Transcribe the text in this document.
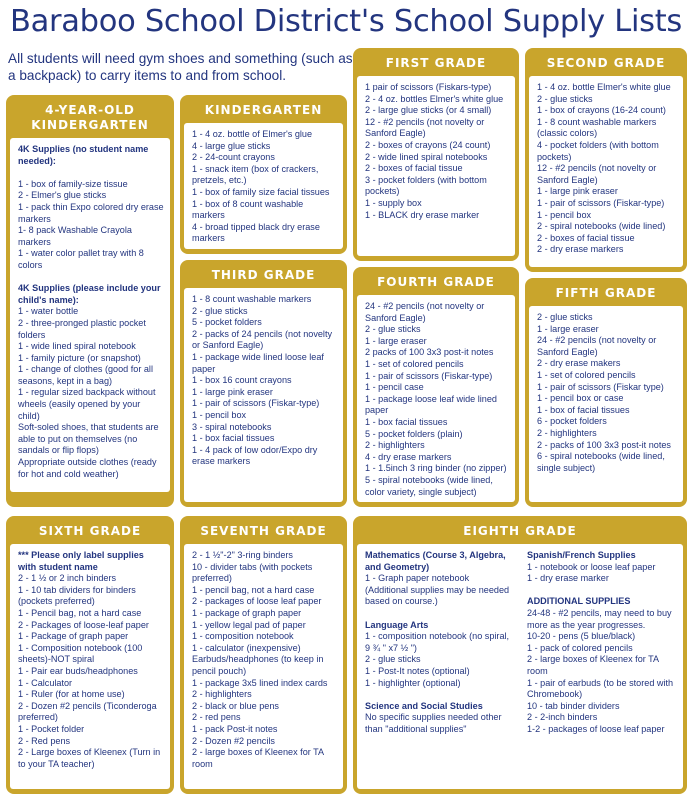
Baraboo School District's School Supply Lists
All students will need gym shoes and something (such as a backpack) to carry items to and from school.
4-YEAR-OLD KINDERGARTEN
4K Supplies (no student name needed):
1 - box of family-size tissue
2 - Elmer's glue sticks
1 - pack thin Expo colored dry erase markers
1- 8 pack Washable Crayola markers
1 - water color pallet tray with 8 colors
4K Supplies (please include your child's name):
1 - water bottle
2 - three-pronged plastic pocket folders
1 - wide lined spiral notebook
1 - family picture (or snapshot)
1 - change of clothes (good for all seasons, kept in a bag)
1 - regular sized backpack without wheels (easily opened by your child)
Soft-soled shoes, that students are able to put on themselves (no sandals or flip flops)
Appropriate outside clothes (ready for hot and cold weather)
KINDERGARTEN
1 - 4 oz. bottle of Elmer's glue
4 - large glue sticks
2 - 24-count crayons
1 - snack item (box of crackers, pretzels, etc.)
1 - box of family size facial tissues
1 - box of 8 count washable markers
4 - broad tipped black dry erase markers
FIRST GRADE
1 pair of scissors (Fiskars-type)
2 - 4 oz. bottles Elmer's white glue
2 - large glue sticks (or 4 small)
12 - #2 pencils (not novelty or Sanford Eagle)
2 - boxes of crayons (24 count)
2 - wide lined spiral notebooks
2 - boxes of facial tissue
3 - pocket folders (with bottom pockets)
1 - supply box
1 - BLACK dry erase marker
SECOND GRADE
1 - 4 oz. bottle Elmer's white glue
2 - glue sticks
1 - box of crayons (16-24 count)
1 - 8 count washable markers (classic colors)
4 - pocket folders (with bottom pockets)
12 - #2 pencils (not novelty or Sanford Eagle)
1 - large pink eraser
1 - pair of scissors (Fiskar-type)
1 - pencil box
2 - spiral notebooks (wide lined)
2 - boxes of facial tissue
2 - dry erase markers
THIRD GRADE
1 - 8 count washable markers
2 - glue sticks
5 - pocket folders
2 - packs of 24 pencils (not novelty or Sanford Eagle)
1 - package wide lined loose leaf paper
1 - box 16 count crayons
1 - large pink eraser
1 - pair of scissors (Fiskar-type)
1 - pencil box
3 - spiral notebooks
1 - box facial tissues
1 - 4 pack of low odor/Expo dry erase markers
FOURTH GRADE
24 - #2 pencils (not novelty or Sanford Eagle)
2 - glue sticks
1 - large eraser
2 packs of 100 3x3 post-it notes
1 - set of colored pencils
1 - pair of scissors (Fiskar-type)
1 - pencil case
1 - package loose leaf wide lined paper
1 - box facial tissues
5 - pocket folders (plain)
2 - highlighters
4 - dry erase markers
1 - 1.5inch 3 ring binder (no zipper)
5 - spiral notebooks (wide lined, color variety, single subject)
FIFTH GRADE
2 - glue sticks
1 - large eraser
24 - #2 pencils (not novelty or Sanford Eagle)
2 - dry erase makers
1 - set of colored pencils
1 - pair of scissors (Fiskar type)
1 - pencil box or case
1 - box of facial tissues
6 - pocket folders
2 - highlighters
2 - packs of 100 3x3 post-it notes
6 - spiral notebooks (wide lined, single subject)
SIXTH GRADE
*** Please only label supplies with student name
2 - 1 ½ or 2 inch binders
1 - 10 tab dividers for binders (pockets preferred)
1 - Pencil bag, not a hard case
2 - Packages of loose-leaf paper
1 - Package of graph paper
1 - Composition notebook (100 sheets)-NOT spiral
1 - Pair ear buds/headphones
1 - Calculator
1 - Ruler (for at home use)
2 - Dozen #2 pencils (Ticonderoga preferred)
1 - Pocket folder
2 - Red pens
2 - Large boxes of Kleenex (Turn in to your TA teacher)
SEVENTH GRADE
2 - 1 ½"-2" 3-ring binders
10 - divider tabs (with pockets preferred)
1 - pencil bag, not a hard case
2 - packages of loose leaf paper
1 - package of graph paper
1 - yellow legal pad of paper
1 - composition notebook
1 - calculator (inexpensive)
Earbuds/headphones (to keep in pencil pouch)
1 - package 3x5 lined index cards
2 - highlighters
2 - black or blue pens
2 - red pens
1 - pack Post-it notes
2 - Dozen #2 pencils
2 - large boxes of Kleenex for TA room
EIGHTH GRADE
Mathematics (Course 3, Algebra, and Geometry)
1 - Graph paper notebook
(Additional supplies may be needed based on course.)
Language Arts
1 - composition notebook (no spiral, 9 ¾ " x7 ½ ")
2 - glue sticks
1 - Post-It notes (optional)
1 - highlighter (optional)
Science and Social Studies
No specific supplies needed other than "additional supplies"
Spanish/French Supplies
1 - notebook or loose leaf paper
1 - dry erase marker
ADDITIONAL SUPPLIES
24-48 - #2 pencils, may need to buy more as the year progresses.
10-20 - pens (5 blue/black)
1 - pack of colored pencils
2 - large boxes of Kleenex for TA room
1 - pair of earbuds (to be stored with Chromebook)
10 - tab binder dividers
2 - 2-inch binders
1-2 - packages of loose leaf paper
